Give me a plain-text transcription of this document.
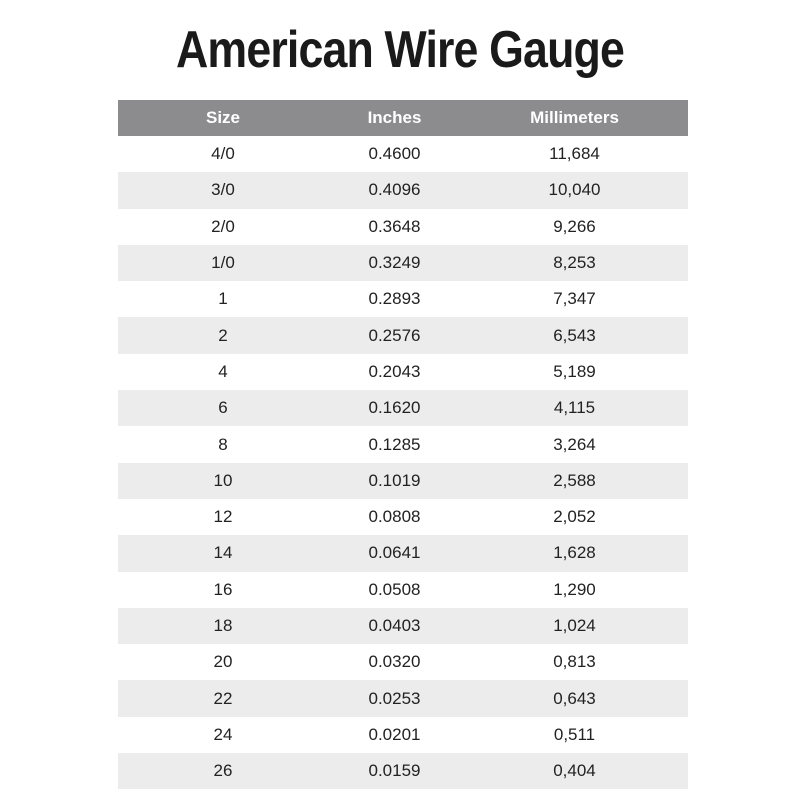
American Wire Gauge
Size	Inches	Millimeters
4/0	0.4600	11,684
3/0	0.4096	10,040
2/0	0.3648	9,266
1/0	0.3249	8,253
1	0.2893	7,347
2	0.2576	6,543
4	0.2043	5,189
6	0.1620	4,115
8	0.1285	3,264
10	0.1019	2,588
12	0.0808	2,052
14	0.0641	1,628
16	0.0508	1,290
18	0.0403	1,024
20	0.0320	0,813
22	0.0253	0,643
24	0.0201	0,511
26	0.0159	0,404
